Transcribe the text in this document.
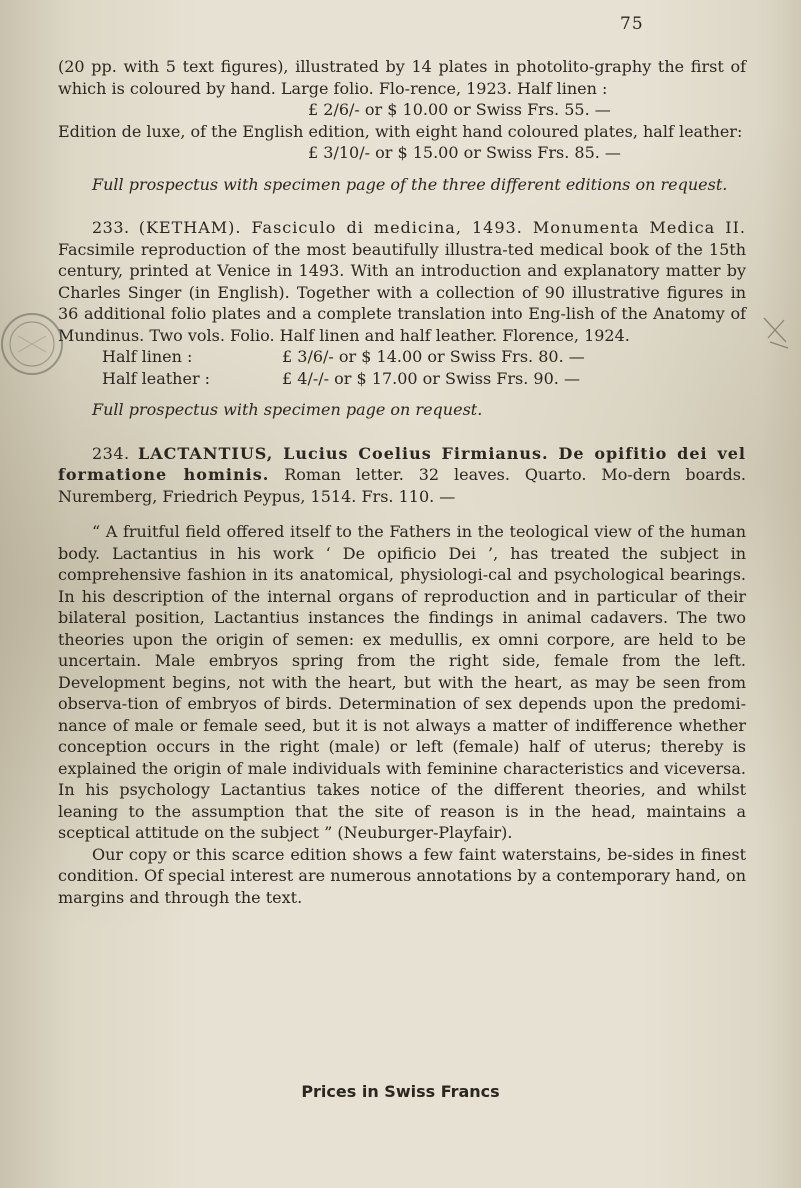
75

(20 pp. with 5 text figures), illustrated by 14 plates in photolito-graphy the first of which is coloured by hand. Large folio. Flo-rence, 1923. Half linen :

£ 2/6/- or $ 10.00 or Swiss Frs. 55. —

Edition de luxe, of the English edition, with eight hand coloured plates, half leather:

£ 3/10/- or $ 15.00 or Swiss Frs. 85. —

Full prospectus with specimen page of the three different editions on request.

233. (KETHAM). Fasciculo di medicina, 1493. Monumenta Medica II. Facsimile reproduction of the most beautifully illustra-ted medical book of the 15th century, printed at Venice in 1493. With an introduction and explanatory matter by Charles Singer (in English). Together with a collection of 90 illustrative figures in 36 additional folio plates and a complete translation into Eng-lish of the Anatomy of Mundinus. Two vols. Folio. Half linen and half leather. Florence, 1924.

Half linen :	£ 3/6/- or $ 14.00 or Swiss Frs. 80. —

Half leather :	£ 4/-/- or $ 17.00 or Swiss Frs. 90. —

Full prospectus with specimen page on request.

234. LACTANTIUS, Lucius Coelius Firmianus. De opifitio dei vel formatione hominis. Roman letter. 32 leaves. Quarto. Mo-dern boards. Nuremberg, Friedrich Peypus, 1514. Frs. 110. —

“ A fruitful field offered itself to the Fathers in the teological view of the human body. Lactantius in his work ‘ De opificio Dei ’, has treated the subject in comprehensive fashion in its anatomical, physiologi-cal and psychological bearings. In his description of the internal organs of reproduction and in particular of their bilateral position, Lactantius instances the findings in animal cadavers. The two theories upon the origin of semen: ex medullis, ex omni corpore, are held to be uncertain. Male embryos spring from the right side, female from the left. Development begins, not with the heart, but with the heart, as may be seen from observa-tion of embryos of birds. Determination of sex depends upon the predomi-nance of male or female seed, but it is not always a matter of indifference whether conception occurs in the right (male) or left (female) half of uterus; thereby is explained the origin of male individuals with feminine characteristics and viceversa. In his psychology Lactantius takes notice of the different theories, and whilst leaning to the assumption that the site of reason is in the head, maintains a sceptical attitude on the subject ” (Neuburger-Playfair).

Our copy or this scarce edition shows a few faint waterstains, be-sides in finest condition. Of special interest are numerous annotations by a contemporary hand, on margins and through the text.

Prices in Swiss Francs
